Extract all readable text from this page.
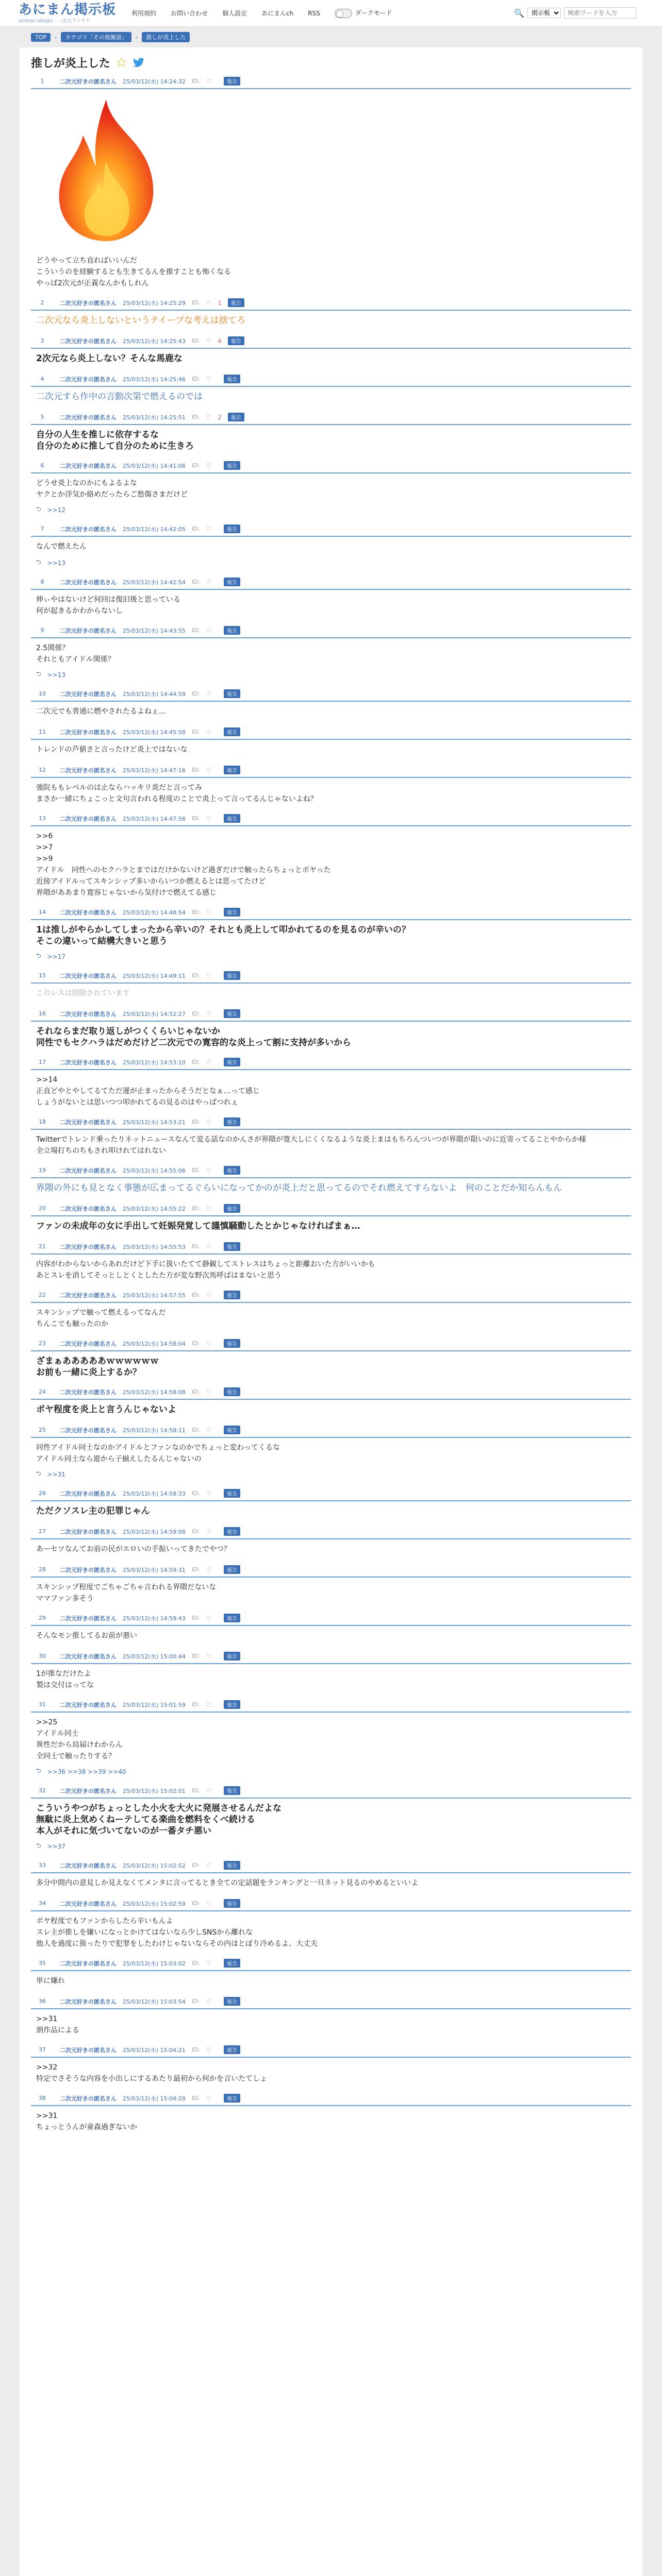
あにまん掲示板
animan bbs@1 - 二次元アンテナ
利用規約 お問い合わせ 個人設定 あにまんch RSS	ダークモード	🔍
掲示板
検索ワードを入力
TOP	›	カテゴリ「その他雑談」	›	推しが炎上した
推しが炎上した ☆
1	二次元好きの匿名さん 25/03/12(水) 14:24:32 ID: ♡	報告
どうやって立ち直ればいいんだ
こういうのを経験するとも生きてるんを推すことも怖くなる
やっぱ2次元が正義なんかもしれん
2	二次元好きの匿名さん 25/03/12(水) 14:25:29 ID: ♡ 1	報告
二次元なら炎上しないというテイーブな考えは捨てろ
3	二次元好きの匿名さん 25/03/12(水) 14:25:43 ID: ♡ 4	報告
2次元なら炎上しない？そんな馬鹿な
4	二次元好きの匿名さん 25/03/12(水) 14:25:46 ID: ♡	報告
二次元すら作中の言動次第で燃えるのでは
5	二次元好きの匿名さん 25/03/12(水) 14:25:51 ID: ♡ 2	報告
自分の人生を推しに依存するな
自分のために推して自分のために生きろ
6	二次元好きの匿名さん 25/03/12(水) 14:41:06 ID: ♡	報告
どうせ炎上なのかにもよるよな
ヤクとか浮気か絡めだったらご愁傷さまだけど
⮌ >>12
7	二次元好きの匿名さん 25/03/12(水) 14:42:05 ID: ♡	報告
なんで燃えたん
⮌ >>13
8	二次元好きの匿名さん 25/03/12(水) 14:42:54 ID: ♡	報告
伸ぃやはないけど何回は復旧後と思っている
何が起きるかわからないし
9	二次元好きの匿名さん 25/03/12(水) 14:43:55 ID: ♡	報告
2.5関係？
それともアイドル関係？
⮌ >>13
10	二次元好きの匿名さん 25/03/12(水) 14:44:59 ID: ♡	報告
二次元でも普通に燃やされたるよねぇ…
11	二次元好きの匿名さん 25/03/12(水) 14:45:58 ID: ♡	報告
トレンドの芦値さと言ったけど炎上ではないな
12	二次元好きの匿名さん 25/03/12(水) 14:47:16 ID: ♡	報告
強院ももレベルのは止ならハッキリ炎だと言ってみ
まさか一緒にちょこっと文句言われる程度のことで炎上って言ってるんじゃないよね？
13	二次元好きの匿名さん 25/03/12(水) 14:47:56 ID: ♡	報告
>>6
>>7
>>9
アイドル　同性へのセクハラとまではだけかないけど過ぎだけで触ったらちょっとボヤった
近接アイドルってスキンシップ多いからいつか燃えるとは思ってたけど
界隈がああまり寛容じゃないから気付けで燃えてる感じ
14	二次元好きの匿名さん 25/03/12(水) 14:48:54 ID: ♡	報告
1は推しがやらかしてしまったから辛いの？それとも炎上して叩かれてるのを見るのが辛いの？
そこの違いって結構大きいと思う
⮌ >>17
15	二次元好きの匿名さん 25/03/12(水) 14:49:11 ID: ♡	報告
このレスは削除されています
16	二次元好きの匿名さん 25/03/12(水) 14:52:27 ID: ♡	報告
それならまだ取り返しがつくくらいじゃないか
同性でもセクハラはだめだけど二次元での寛容的な炎上って割に支持が多いから
17	二次元好きの匿名さん 25/03/12(水) 14:53:10 ID: ♡	報告
>>14
正直どやとやしてるてただ運が止まったからそうだとなぁ…って感じ
しょうがないとは思いつつ叩かれてるの見るのはやっぱつれぇ
18	二次元好きの匿名さん 25/03/12(水) 14:53:21 ID: ♡	報告
Twitterでトレンド乗ったりネットニュースなんて変る話なのかんさが界隈が寛大しにくくなるような炎上まはもちろんついつが界隈が限いのに近寄ってることやからか様
全立場打ちのちもされ叩けれてはれない
19	二次元好きの匿名さん 25/03/12(水) 14:55:06 ID: ♡	報告
界隈の外にも見となく事態が広まってるぐらいになってかのが炎上だと思ってるのでそれ燃えてすらないよ　何のことだか知らんもん
20	二次元好きの匿名さん 25/03/12(水) 14:55:22 ID: ♡	報告
ファンの未成年の女に手出して妊娠発覚して謹慎騒動したとかじゃなければまぁ…
21	二次元好きの匿名さん 25/03/12(水) 14:55:53 ID: ♡	報告
内容がわからないからあれだけど下手に扱いたてて静観してストレスはちょっと距離おいた方がいいかも
あとスレを消してそっとしとくとしたた方が変な野次馬呼ばはまないと思う
22	二次元好きの匿名さん 25/03/12(水) 14:57:55 ID: ♡	報告
スキンシップで触って燃えるってなんだ
ちんこでも触ったのか
23	二次元好きの匿名さん 25/03/12(水) 14:58:04 ID: ♡	報告
ざまぁあああああｗｗｗｗｗｗ
お前も一緒に炎上するか？
24	二次元好きの匿名さん 25/03/12(水) 14:58:08 ID: ♡	報告
ボヤ程度を炎上と言うんじゃないよ
25	二次元好きの匿名さん 25/03/12(水) 14:58:11 ID: ♡	報告
同性アイドル同士なのかアイドルとファンなのかでちょっと変わってくるな
アイドル同士なら遊から子揃えしたるんじゃないの
⮌ >>31
26	二次元好きの匿名さん 25/03/12(水) 14:58:33 ID: ♡	報告
ただクソスレ主の犯罪じゃん
27	二次元好きの匿名さん 25/03/12(水) 14:59:08 ID: ♡	報告
あーセツなんてお前の民がエロいの手振いってきたでやつ？
28	二次元好きの匿名さん 25/03/12(水) 14:59:31 ID: ♡	報告
スキンシップ程度でごちゃごちゃ言われる界隈だないな
ママファン多そう
29	二次元好きの匿名さん 25/03/12(水) 14:59:43 ID: ♡	報告
そんなモン推してるお前が悪い
30	二次元好きの匿名さん 25/03/12(水) 15:00:44 ID: ♡	報告
1が推なだけたよ
製は交付はってな
31	二次元好きの匿名さん 25/03/12(水) 15:01:59 ID: ♡	報告
>>25
アイドル同士
異性だから局届けわからん
全同士で触ったりする？
⮌ >>36 >>38 >>39 >>40
32	二次元好きの匿名さん 25/03/12(水) 15:02:01 ID: ♡	報告
こういうやつがちょっとした小火を大火に発展させるんだよな
無駄に炎上気めくねーテしてる楽曲を燃料をくべ続ける
本人がそれに気づいてないのが一番タチ悪い
⮌ >>37
33	二次元好きの匿名さん 25/03/12(水) 15:02:52 ID: ♡	報告
多分中間内の意見しか見えなくてメンタに言ってるとき全ての定話題をランキングと一旦ネット見るのやめるといいよ
34	二次元好きの匿名さん 25/03/12(水) 15:02:59 ID: ♡	報告
ボヤ程度でもファンからしたら辛いもんよ
スレ主が推しを嫌いになっとかけてはないなら少しSNSから離れな
他人を過度に扱ったりで犯罪をしたわけじゃないならその内ほとぼり冷めるよ、大丈夫
35	二次元好きの匿名さん 25/03/12(水) 15:03:02 ID: ♡	報告
単に嫌れ
36	二次元好きの匿名さん 25/03/12(水) 15:03:54 ID: ♡	報告
>>31
割作品による
37	二次元好きの匿名さん 25/03/12(水) 15:04:21 ID: ♡	報告
>>32
特定でさそうな内容を小出しにするあたり最初から何かを言いたてしょ
38	二次元好きの匿名さん 25/03/12(水) 15:04:29 ID: ♡	報告
>>31
ちょっとうんが童森過ぎないか
